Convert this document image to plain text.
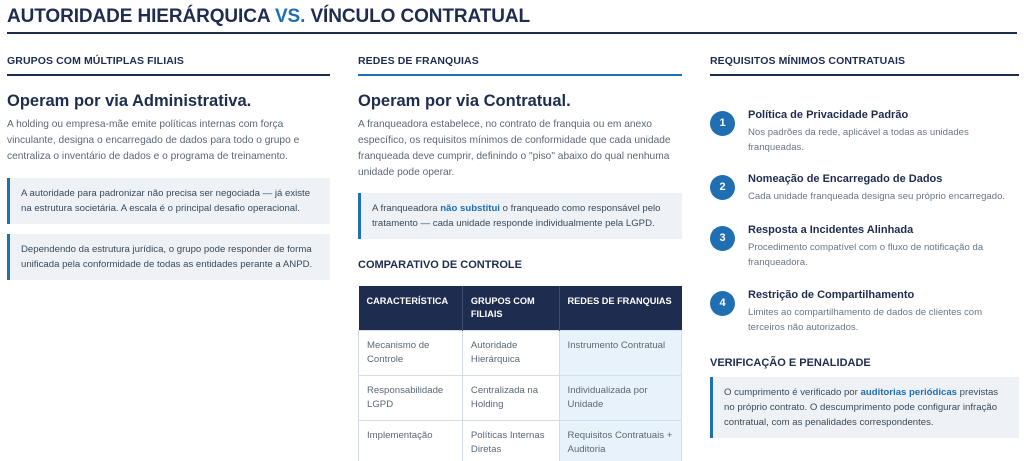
AUTORIDADE HIERÁRQUICA VS. VÍNCULO CONTRATUAL
GRUPOS COM MÚLTIPLAS FILIAIS
Operam por via Administrativa.
A holding ou empresa-mãe emite políticas internas com força vinculante, designa o encarregado de dados para todo o grupo e centraliza o inventário de dados e o programa de treinamento.
A autoridade para padronizar não precisa ser negociada — já existe na estrutura societária. A escala é o principal desafio operacional.
Dependendo da estrutura jurídica, o grupo pode responder de forma unificada pela conformidade de todas as entidades perante a ANPD.
REDES DE FRANQUIAS
Operam por via Contratual.
A franqueadora estabelece, no contrato de franquia ou em anexo específico, os requisitos mínimos de conformidade que cada unidade franqueada deve cumprir, definindo o "piso" abaixo do qual nenhuma unidade pode operar.
A franqueadora não substitui o franqueado como responsável pelo tratamento — cada unidade responde individualmente pela LGPD.
COMPARATIVO DE CONTROLE
CARACTERÍSTICA	GRUPOS COM FILIAIS	REDES DE FRANQUIAS
Mecanismo de Controle	Autoridade Hierárquica	Instrumento Contratual
Responsabilidade LGPD	Centralizada na Holding	Individualizada por Unidade
Implementação	Políticas Internas Diretas	Requisitos Contratuais + Auditoria
REQUISITOS MÍNIMOS CONTRATUAIS
1
Política de Privacidade Padrão
Nos padrões da rede, aplicável a todas as unidades franqueadas.
2
Nomeação de Encarregado de Dados
Cada unidade franqueada designa seu próprio encarregado.
3
Resposta a Incidentes Alinhada
Procedimento compatível com o fluxo de notificação da franqueadora.
4
Restrição de Compartilhamento
Limites ao compartilhamento de dados de clientes com terceiros não autorizados.
VERIFICAÇÃO E PENALIDADE
O cumprimento é verificado por auditorias periódicas previstas no próprio contrato. O descumprimento pode configurar infração contratual, com as penalidades correspondentes.
